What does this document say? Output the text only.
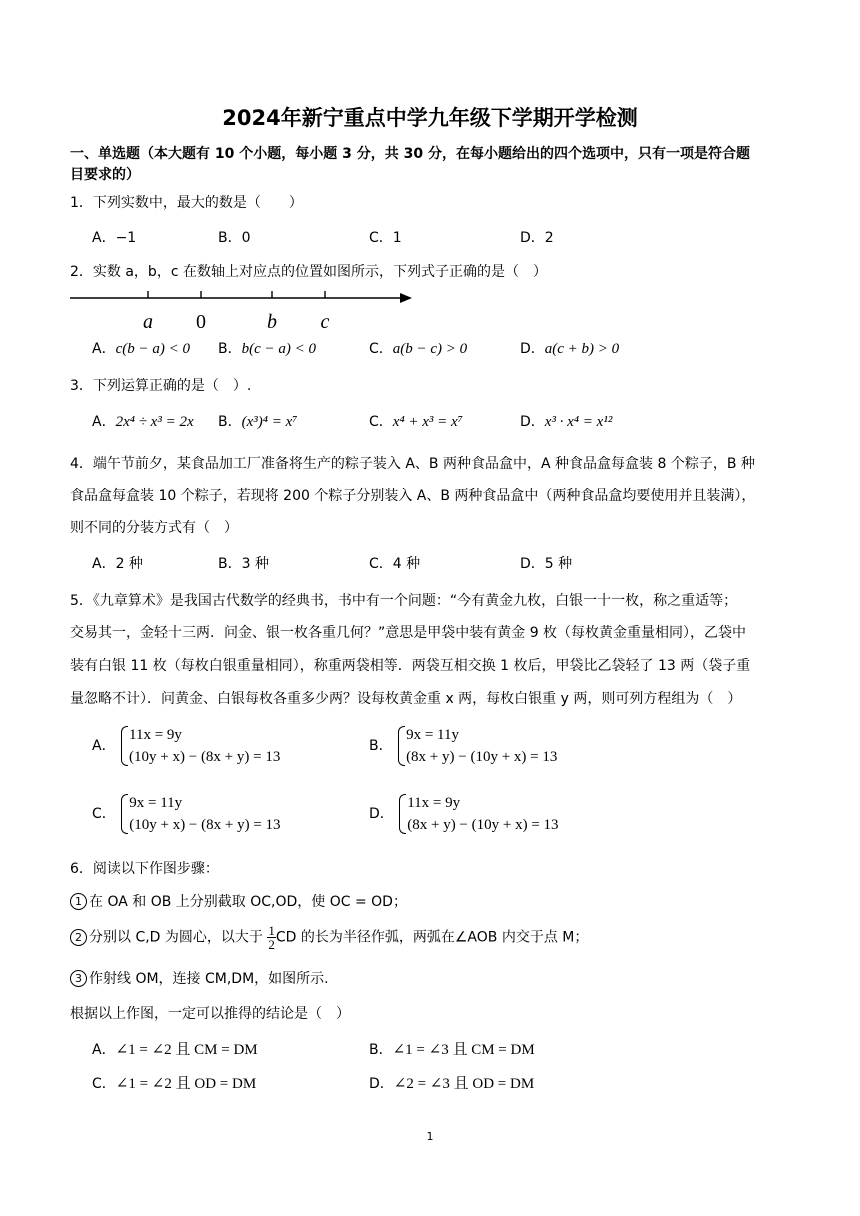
2024年新宁重点中学九年级下学期开学检测
一、单选题（本大题有 10 个小题，每小题 3 分，共 30 分，在每小题给出的四个选项中，只有一项是符合题
目要求的）
1．下列实数中，最大的数是（　　）
A．−1	B．0	C．1	D．2
2．实数 a，b，c 在数轴上对应点的位置如图所示，下列式子正确的是（　）
a 0	b c
A．c(b − a) < 0 B．b(c − a) < 0	C．a(b − c) > 0	D．a(c + b) > 0
3．下列运算正确的是（　）.
A．2x⁴ ÷ x³ = 2x B．(x³)⁴ = x⁷	C．x⁴ + x³ = x⁷	D．x³ · x⁴ = x¹²
4．端午节前夕，某食品加工厂准备将生产的粽子装入 A、B 两种食品盒中，A 种食品盒每盒装 8 个粽子，B 种
食品盒每盒装 10 个粽子，若现将 200 个粽子分别装入 A、B 两种食品盒中（两种食品盒均要使用并且装满），
则不同的分装方式有（　）
A．2 种	B．3 种	C．4 种	D．5 种
5．《九章算术》是我国古代数学的经典书，书中有一个问题：“今有黄金九枚，白银一十一枚，称之重适等；
交易其一，金轻十三两．问金、银一枚各重几何？”意思是甲袋中装有黄金 9 枚（每枚黄金重量相同），乙袋中
装有白银 11 枚（每枚白银重量相同），称重两袋相等．两袋互相交换 1 枚后，甲袋比乙袋轻了 13 两（袋子重
量忽略不计）．问黄金、白银每枚各重多少两？设每枚黄金重 x 两，每枚白银重 y 两，则可列方程组为（　）
A．
11x = 9y
(10y + x) − (8x + y) = 13
B．
9x = 11y
(8x + y) − (10y + x) = 13
C．
9x = 11y
(10y + x) − (8x + y) = 13
D．
11x = 9y
(8x + y) − (10y + x) = 13
6．阅读以下作图步骤：
1 在 OA 和 OB 上分别截取 OC,OD，使 OC = OD；
2 分别以 C,D 为圆心，以大于 $\frac{1}{2}$ CD 的长为半径作弧，两弧在∠AOB 内交于点 M；
3 作射线 OM，连接 CM,DM，如图所示.
根据以上作图，一定可以推得的结论是（　）
A．∠1 = ∠2 且 CM = DM	B．∠1 = ∠3 且 CM = DM
C．∠1 = ∠2 且 OD = DM	D．∠2 = ∠3 且 OD = DM
1
